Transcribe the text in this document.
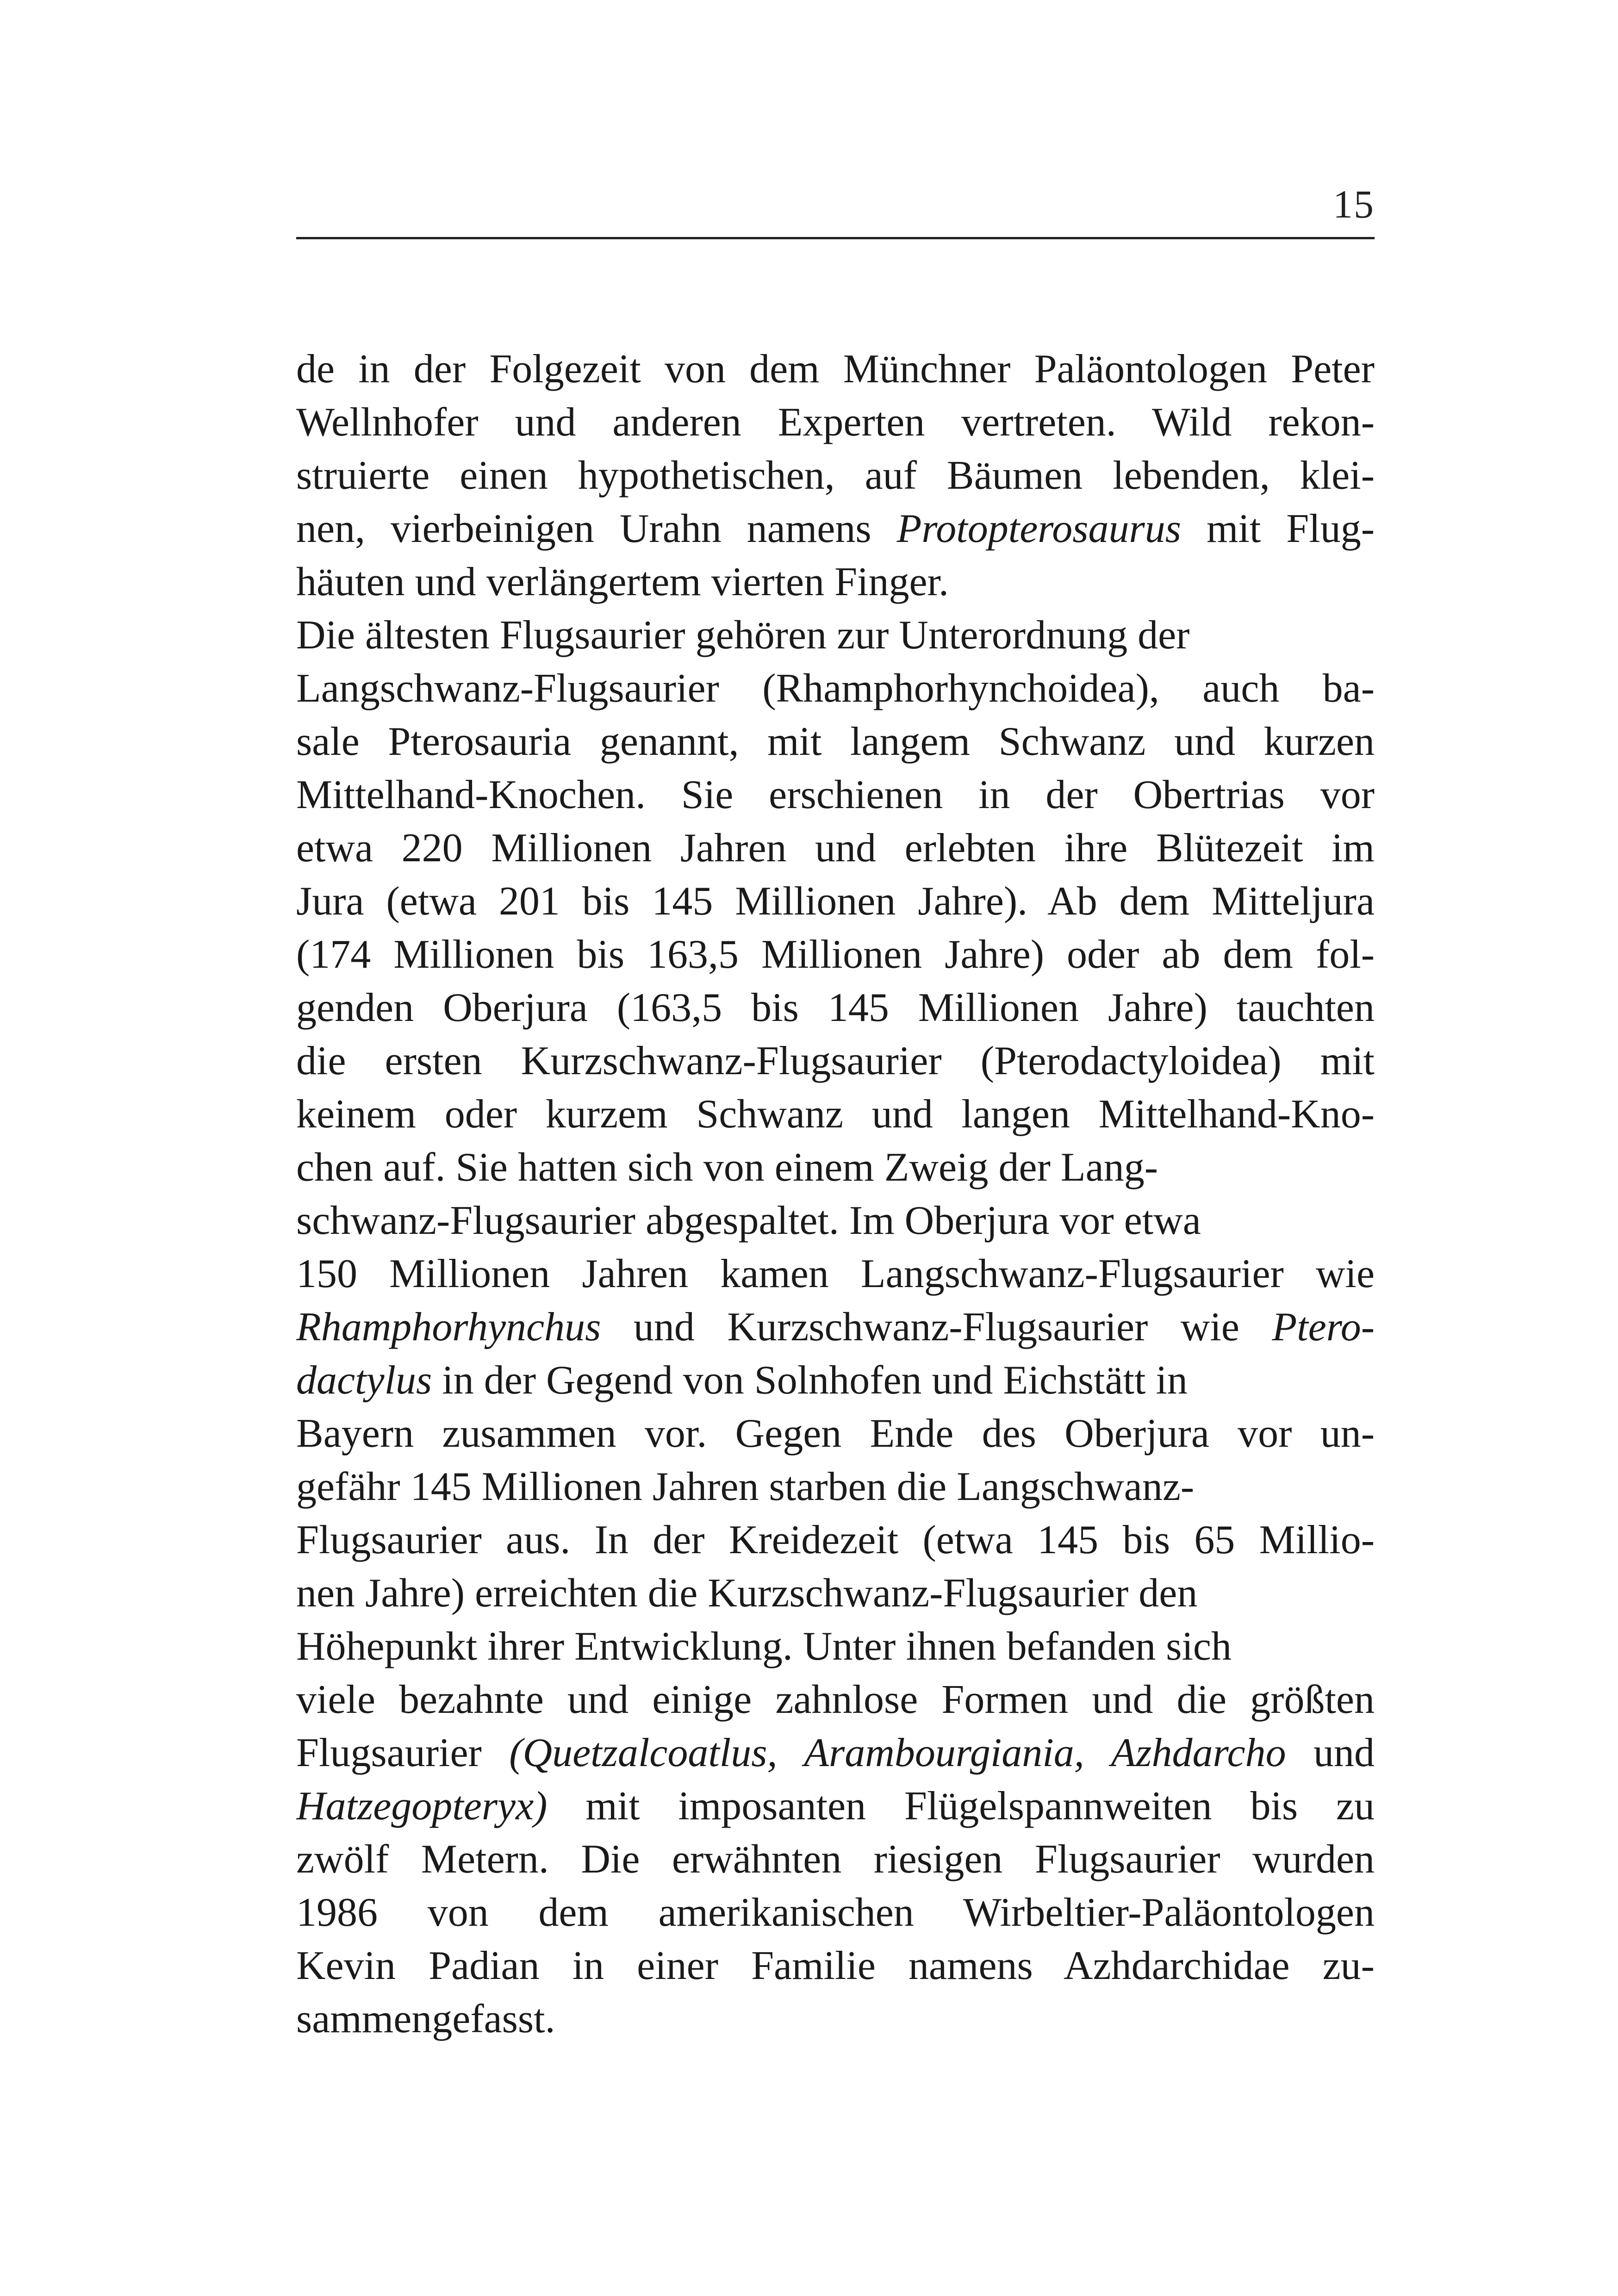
15
de in der Folgezeit von dem Münchner Paläontologen Peter
Wellnhofer und anderen Experten vertreten. Wild rekon-
struierte einen hypothetischen, auf Bäumen lebenden, klei-
nen, vierbeinigen Urahn namens Protopterosaurus mit Flug-
häuten und verlängertem vierten Finger.
Die ältesten Flugsaurier gehören zur Unterordnung der
Langschwanz-Flugsaurier (Rhamphorhynchoidea), auch ba-
sale Pterosauria genannt, mit langem Schwanz und kurzen
Mittelhand-Knochen. Sie erschienen in der Obertrias vor
etwa 220 Millionen Jahren und erlebten ihre Blütezeit im
Jura (etwa 201 bis 145 Millionen Jahre). Ab dem Mitteljura
(174 Millionen bis 163,5 Millionen Jahre) oder ab dem fol-
genden Oberjura (163,5 bis 145 Millionen Jahre) tauchten
die ersten Kurzschwanz-Flugsaurier (Pterodactyloidea) mit
keinem oder kurzem Schwanz und langen Mittelhand-Kno-
chen auf. Sie hatten sich von einem Zweig der Lang-
schwanz-Flugsaurier abgespaltet. Im Oberjura vor etwa
150 Millionen Jahren kamen Langschwanz-Flugsaurier wie
Rhamphorhynchus und Kurzschwanz-Flugsaurier wie Ptero-
dactylus in der Gegend von Solnhofen und Eichstätt in
Bayern zusammen vor. Gegen Ende des Oberjura vor un-
gefähr 145 Millionen Jahren starben die Langschwanz-
Flugsaurier aus. In der Kreidezeit (etwa 145 bis 65 Millio-
nen Jahre) erreichten die Kurzschwanz-Flugsaurier den
Höhepunkt ihrer Entwicklung. Unter ihnen befanden sich
viele bezahnte und einige zahnlose Formen und die größten
Flugsaurier (Quetzalcoatlus, Arambourgiania, Azhdarcho und
Hatzegopteryx) mit imposanten Flügelspannweiten bis zu
zwölf Metern. Die erwähnten riesigen Flugsaurier wurden
1986 von dem amerikanischen Wirbeltier-Paläontologen
Kevin Padian in einer Familie namens Azhdarchidae zu-
sammengefasst.
